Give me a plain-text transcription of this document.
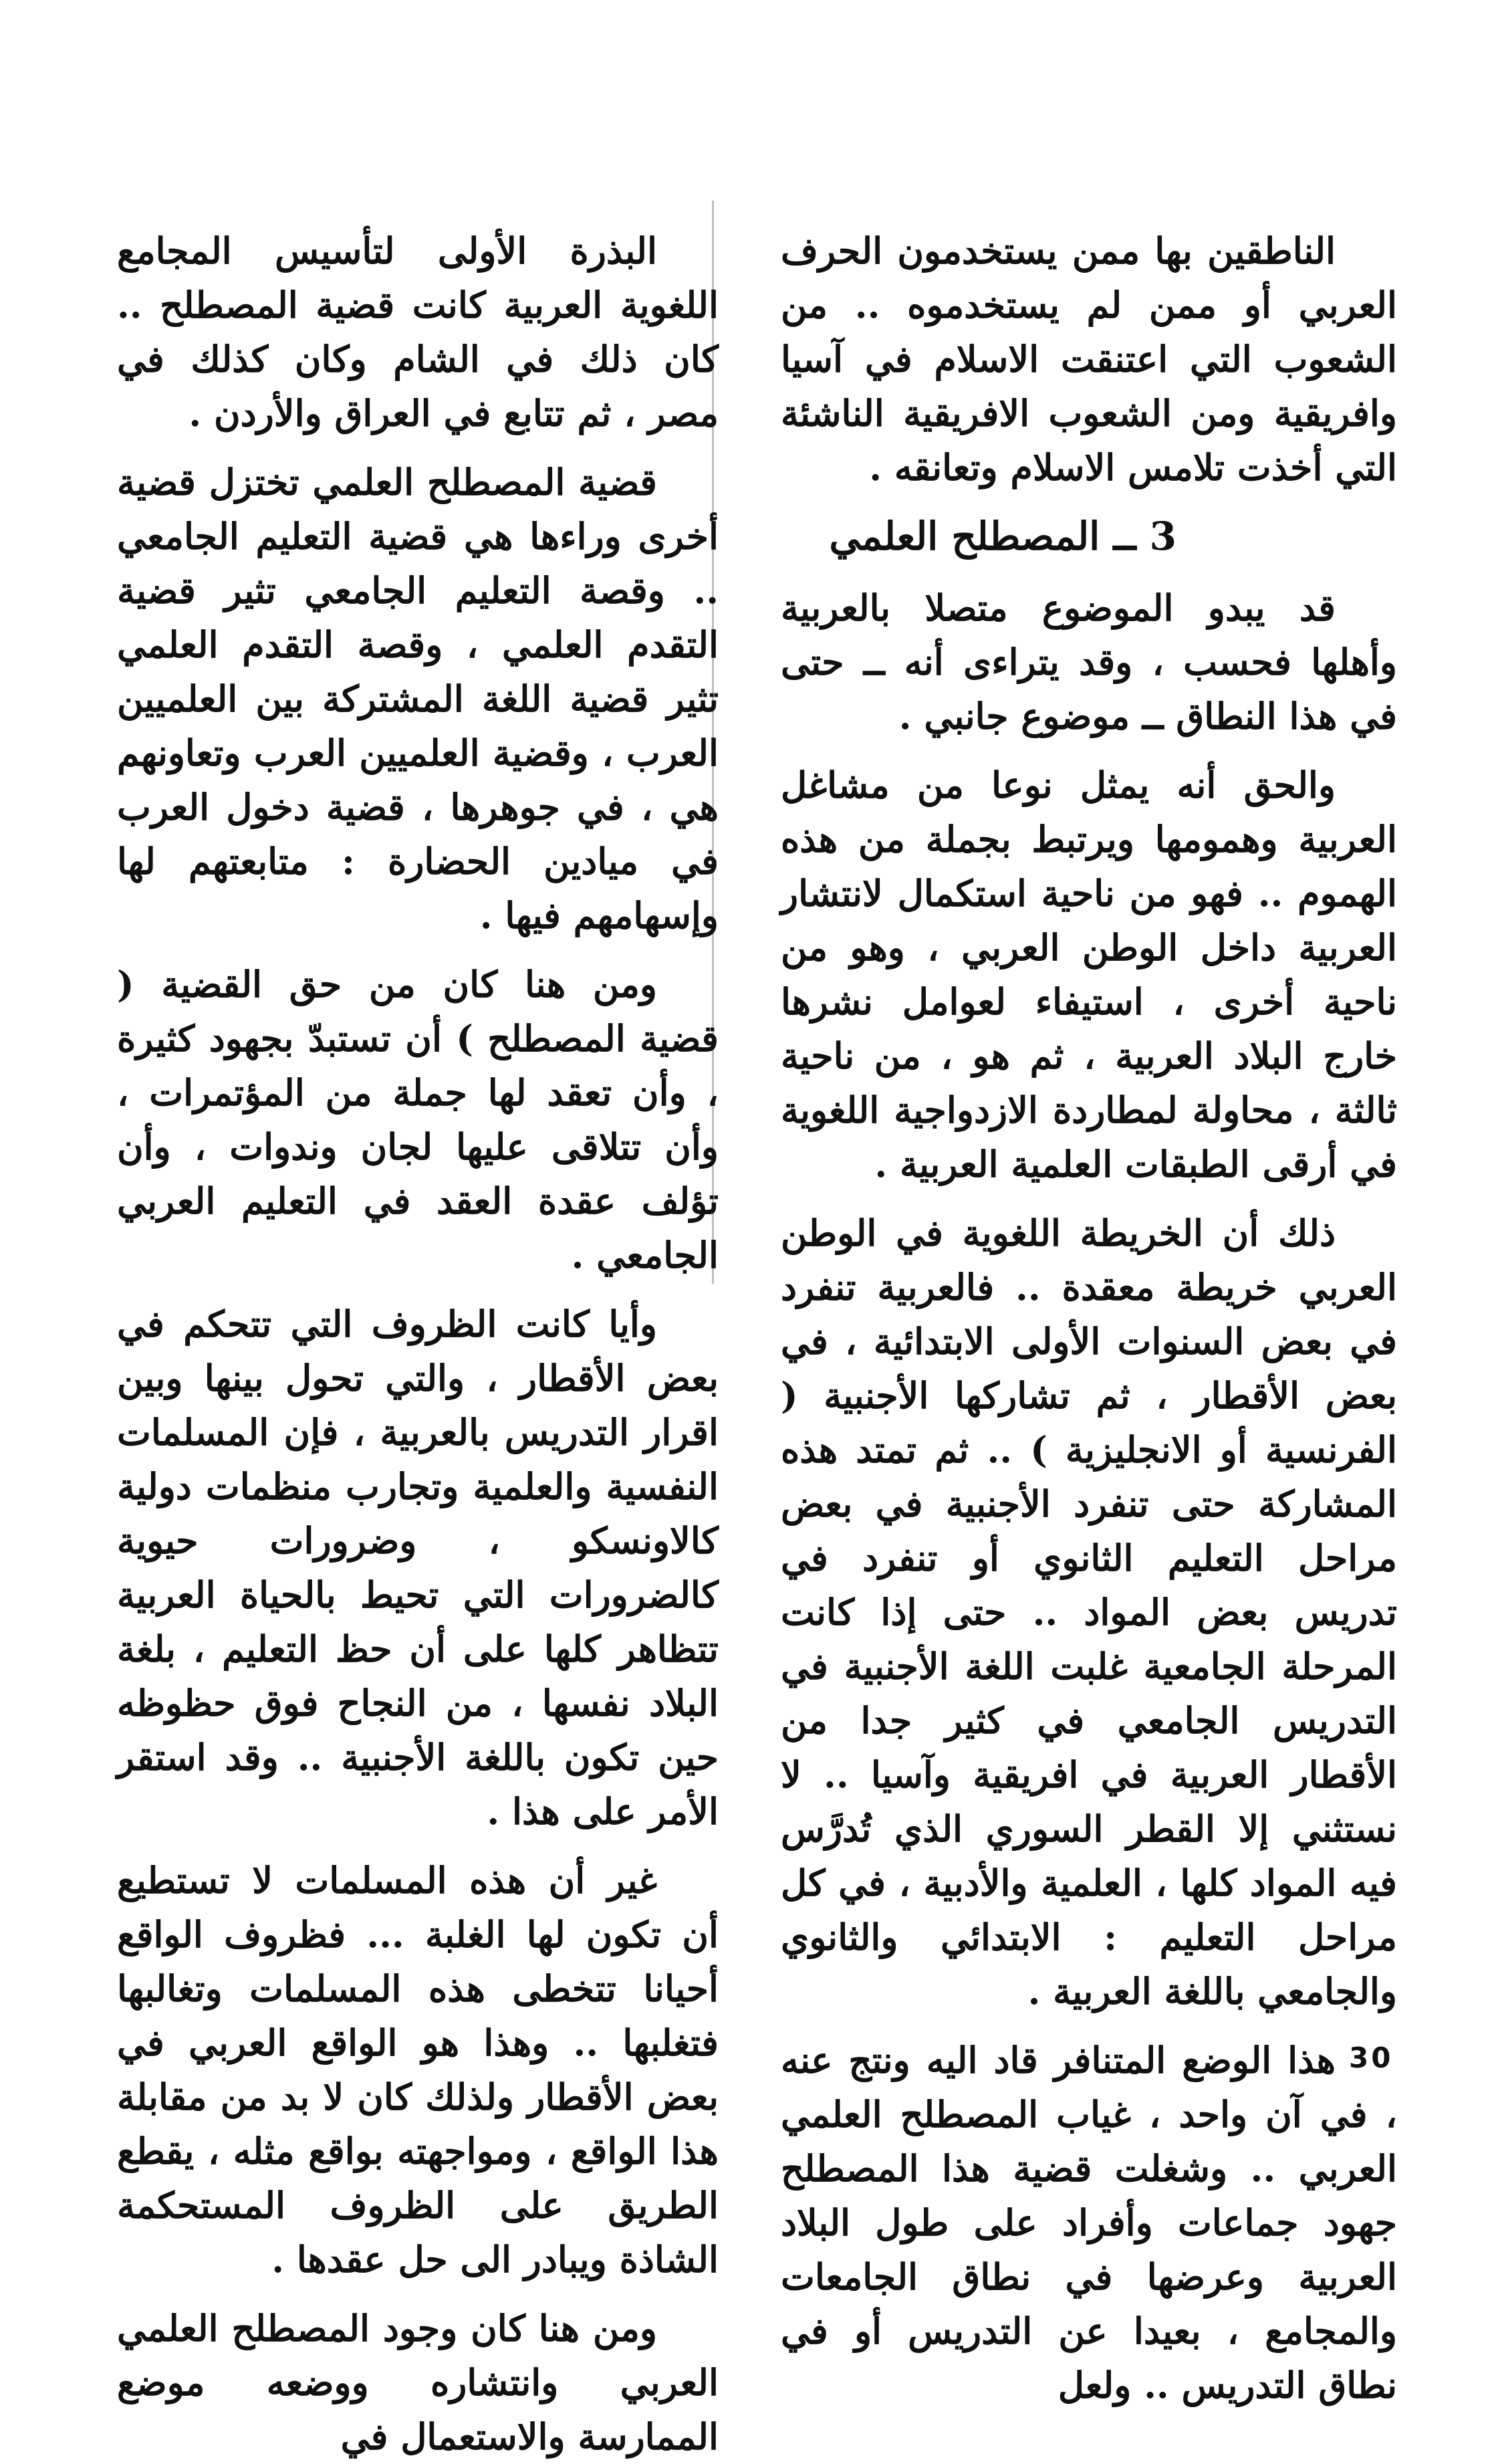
الناطقين بها ممن يستخدمون الحرف العربي أو ممن لم يستخدموه .. من الشعوب التي اعتنقت الاسلام في آسيا وافريقية ومن الشعوب الافريقية الناشئة التي أخذت تلامس الاسلام وتعانقه .

3 ــ المصطلح العلمي

قد يبدو الموضوع متصلا بالعربية وأهلها فحسب ، وقد يتراءى أنه ــ حتى في هذا النطاق ــ موضوع جانبي .

والحق أنه يمثل نوعا من مشاغل العربية وهمومها ويرتبط بجملة من هذه الهموم .. فهو من ناحية استكمال لانتشار العربية داخل الوطن العربي ، وهو من ناحية أخرى ، استيفاء لعوامل نشرها خارج البلاد العربية ، ثم هو ، من ناحية ثالثة ، محاولة لمطاردة الازدواجية اللغوية في أرقى الطبقات العلمية العربية .

ذلك أن الخريطة اللغوية في الوطن العربي خريطة معقدة .. فالعربية تنفرد في بعض السنوات الأولى الابتدائية ، في بعض الأقطار ، ثم تشاركها الأجنبية ( الفرنسية أو الانجليزية ) .. ثم تمتد هذه المشاركة حتى تنفرد الأجنبية في بعض مراحل التعليم الثانوي أو تنفرد في تدريس بعض المواد .. حتى إذا كانت المرحلة الجامعية غلبت اللغة الأجنبية في التدريس الجامعي في كثير جدا من الأقطار العربية في افريقية وآسيا .. لا نستثني إلا القطر السوري الذي تُدرَّس فيه المواد كلها ، العلمية والأدبية ، في كل مراحل التعليم : الابتدائي والثانوي والجامعي باللغة العربية .

هذا الوضع المتنافر قاد اليه ونتج عنه ، في آن واحد ، غياب المصطلح العلمي العربي .. وشغلت قضية هذا المصطلح جهود جماعات وأفراد على طول البلاد العربية وعرضها في نطاق الجامعات والمجامع ، بعيدا عن التدريس أو في نطاق التدريس .. ولعل

البذرة الأولى لتأسيس المجامع اللغوية العربية كانت قضية المصطلح .. كان ذلك في الشام وكان كذلك في مصر ، ثم تتابع في العراق والأردن .

قضية المصطلح العلمي تختزل قضية أخرى وراءها هي قضية التعليم الجامعي .. وقصة التعليم الجامعي تثير قضية التقدم العلمي ، وقصة التقدم العلمي تثير قضية اللغة المشتركة بين العلميين العرب ، وقضية العلميين العرب وتعاونهم هي ، في جوهرها ، قضية دخول العرب في ميادين الحضارة : متابعتهم لها وإسهامهم فيها .

ومن هنا كان من حق القضية ( قضية المصطلح ) أن تستبدّ بجهود كثيرة ، وأن تعقد لها جملة من المؤتمرات ، وأن تتلاقى عليها لجان وندوات ، وأن تؤلف عقدة العقد في التعليم العربي الجامعي .

وأيا كانت الظروف التي تتحكم في بعض الأقطار ، والتي تحول بينها وبين اقرار التدريس بالعربية ، فإن المسلمات النفسية والعلمية وتجارب منظمات دولية كالاونسكو ، وضرورات حيوية كالضرورات التي تحيط بالحياة العربية تتظاهر كلها على أن حظ التعليم ، بلغة البلاد نفسها ، من النجاح فوق حظوظه حين تكون باللغة الأجنبية .. وقد استقر الأمر على هذا .

غير أن هذه المسلمات لا تستطيع أن تكون لها الغلبة ... فظروف الواقع أحيانا تتخطى هذه المسلمات وتغالبها فتغلبها .. وهذا هو الواقع العربي في بعض الأقطار ولذلك كان لا بد من مقابلة هذا الواقع ، ومواجهته بواقع مثله ، يقطع الطريق على الظروف المستحكمة الشاذة ويبادر الى حل عقدها .

ومن هنا كان وجود المصطلح العلمي العربي وانتشاره ووضعه موضع الممارسة والاستعمال في

30
